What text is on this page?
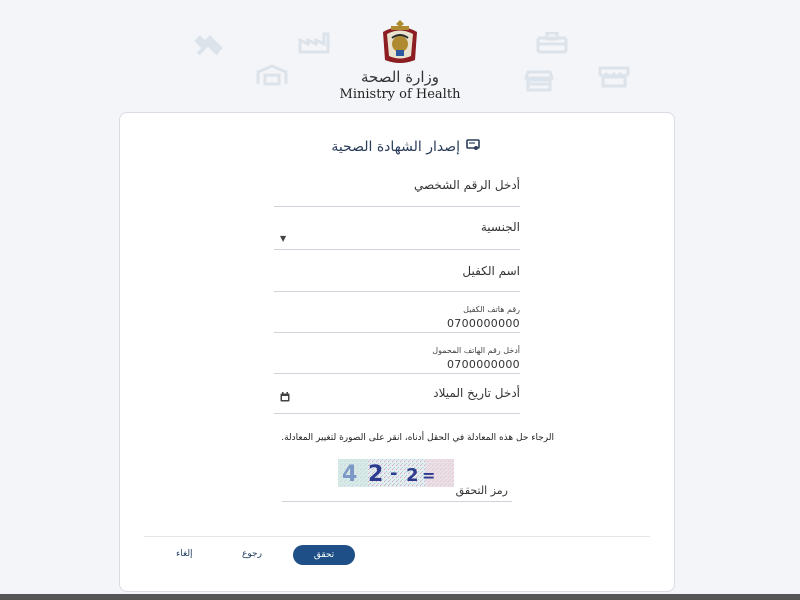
وزارة الصحة
Ministry of Health
إصدار الشهادة الصحية
أدخل الرقم الشخصي
الجنسية
▼
اسم الكفيل
رقم هاتف الكفيل
0700000000
أدخل رقم الهاتف المحمول
0700000000
أدخل تاريخ الميلاد
الرجاء حل هذه المعادلة في الحقل أدناه، انقر على الصورة لتغيير المعادلة.
4 2 - 2 =
رمز التحقق
تحقق
رجوع
إلغاء
